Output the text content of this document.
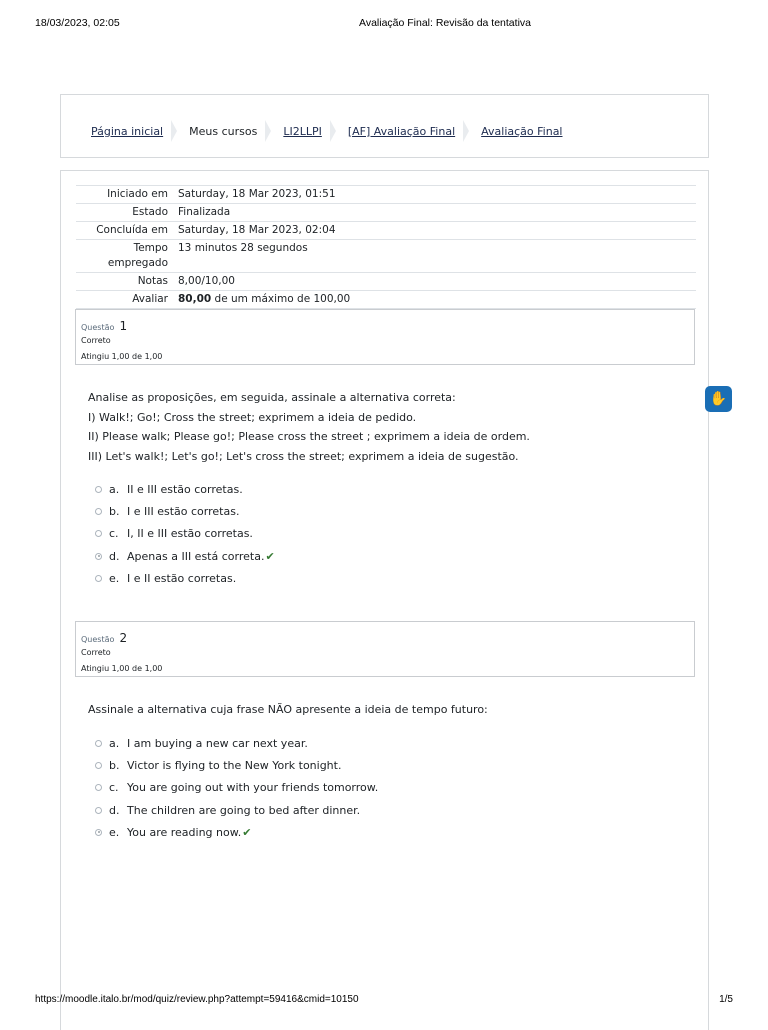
18/03/2023, 02:05	Avaliação Final: Revisão da tentativa
Página inicial Meus cursos LI2LLPI [AF] Avaliação Final Avaliação Final
Iniciado em	Saturday, 18 Mar 2023, 01:51
Estado	Finalizada
Concluída em	Saturday, 18 Mar 2023, 02:04
Tempo empregado	13 minutos 28 segundos
Notas	8,00/10,00
Avaliar	80,00 de um máximo de 100,00
Questão 1
Correto
Atingiu 1,00 de 1,00
Analise as proposições, em seguida, assinale a alternativa correta:
I) Walk!; Go!; Cross the street; exprimem a ideia de pedido.
II) Please walk; Please go!; Please cross the street ; exprimem a ideia de ordem.
III) Let's walk!; Let's go!; Let's cross the street; exprimem a ideia de sugestão.
a. II e III estão corretas.
b. I e III estão corretas.
c. I, II e III estão corretas.
d. Apenas a III está correta. ✔
e. I e II estão corretas.
Questão 2
Correto
Atingiu 1,00 de 1,00
Assinale a alternativa cuja frase NÃO apresente a ideia de tempo futuro:
a. I am buying a new car next year.
b. Victor is flying to the New York tonight.
c. You are going out with your friends tomorrow.
d. The children are going to bed after dinner.
e. You are reading now. ✔
✋
https://moodle.italo.br/mod/quiz/review.php?attempt=59416&cmid=10150	1/5
